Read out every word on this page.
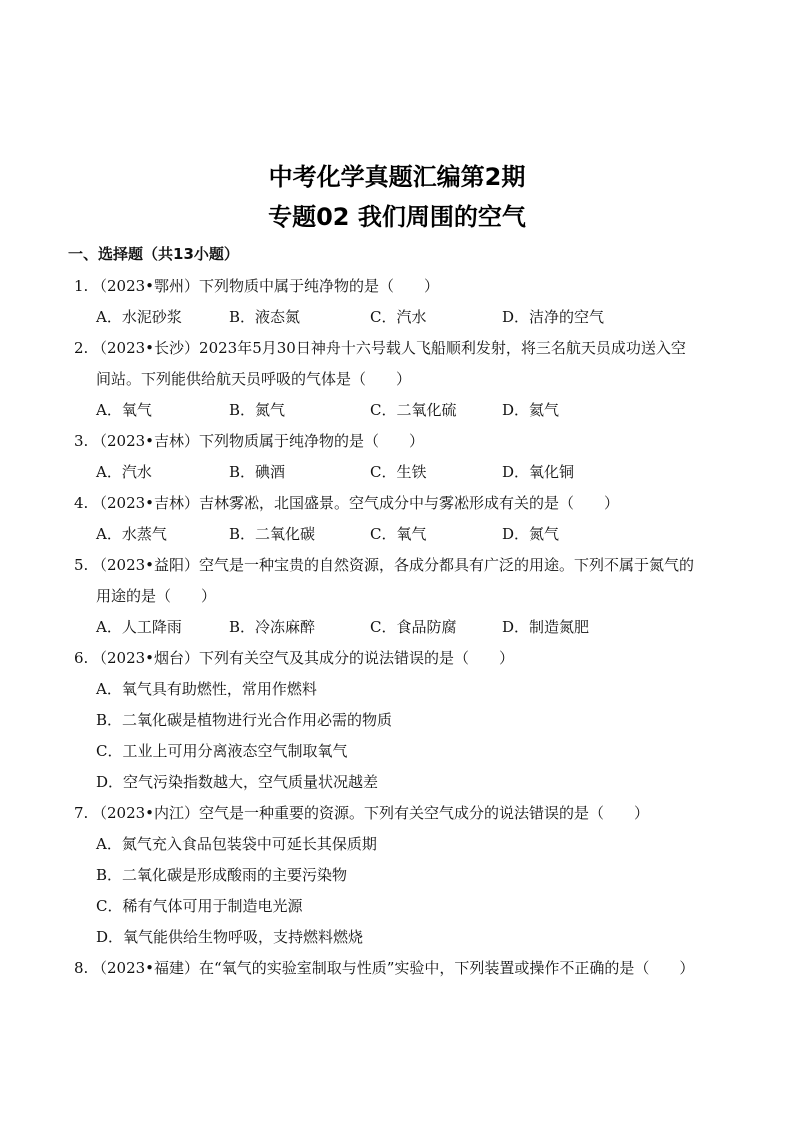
中考化学真题汇编第2期
专题02 我们周围的空气
一、选择题（共13小题）
1. （2023•鄂州）下列物质中属于纯净物的是（　　）
A．水泥砂浆	B．液态氮	C．汽水	D．洁净的空气
2. （2023•长沙）2023年5月30日神舟十六号载人飞船顺利发射，将三名航天员成功送入空
间站。下列能供给航天员呼吸的气体是（　　）
A．氧气	B．氮气	C．二氧化硫	D．氦气
3. （2023•吉林）下列物质属于纯净物的是（　　）
A．汽水	B．碘酒	C．生铁	D．氧化铜
4. （2023•吉林）吉林雾凇，北国盛景。空气成分中与雾凇形成有关的是（　　）
A．水蒸气	B．二氧化碳	C．氧气	D．氮气
5. （2023•益阳）空气是一种宝贵的自然资源，各成分都具有广泛的用途。下列不属于氮气的
用途的是（　　）
A．人工降雨	B．冷冻麻醉	C．食品防腐	D．制造氮肥
6. （2023•烟台）下列有关空气及其成分的说法错误的是（　　）
A．氧气具有助燃性，常用作燃料
B．二氧化碳是植物进行光合作用必需的物质
C．工业上可用分离液态空气制取氧气
D．空气污染指数越大，空气质量状况越差
7. （2023•内江）空气是一种重要的资源。下列有关空气成分的说法错误的是（　　）
A．氮气充入食品包装袋中可延长其保质期
B．二氧化碳是形成酸雨的主要污染物
C．稀有气体可用于制造电光源
D．氧气能供给生物呼吸，支持燃料燃烧
8. （2023•福建）在“氧气的实验室制取与性质”实验中，下列装置或操作不正确的是（　　）
